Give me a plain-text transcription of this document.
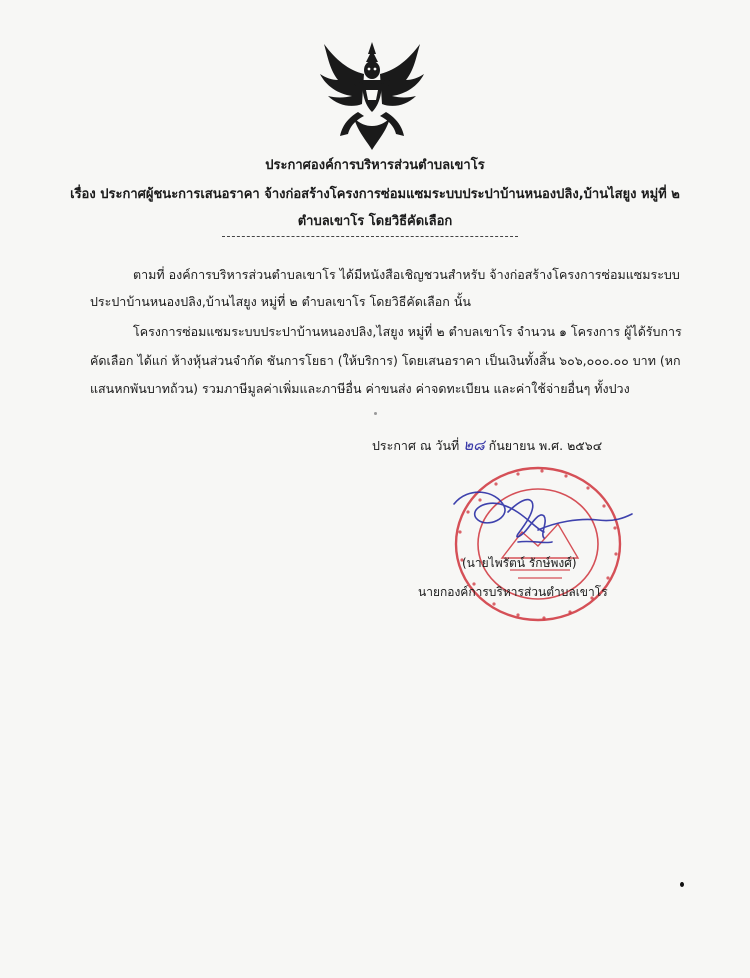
ประกาศองค์การบริหารส่วนตำบลเขาโร
เรื่อง ประกาศผู้ชนะการเสนอราคา จ้างก่อสร้างโครงการซ่อมแซมระบบประปาบ้านหนองปลิง,บ้านไสยูง หมู่ที่ ๒
ตำบลเขาโร โดยวิธีคัดเลือก
ตามที่ องค์การบริหารส่วนตำบลเขาโร ได้มีหนังสือเชิญชวนสำหรับ จ้างก่อสร้างโครงการซ่อมแซมระบบ
ประปาบ้านหนองปลิง,บ้านไสยูง หมู่ที่ ๒ ตำบลเขาโร โดยวิธีคัดเลือก นั้น
โครงการซ่อมแซมระบบประปาบ้านหนองปลิง,ไสยูง หมู่ที่ ๒ ตำบลเขาโร จำนวน ๑ โครงการ ผู้ได้รับการ
คัดเลือก ได้แก่ ห้างหุ้นส่วนจำกัด ชันการโยธา (ให้บริการ) โดยเสนอราคา เป็นเงินทั้งสิ้น ๖๐๖,๐๐๐.๐๐ บาท (หก
แสนหกพันบาทถ้วน) รวมภาษีมูลค่าเพิ่มและภาษีอื่น ค่าขนส่ง ค่าจดทะเบียน และค่าใช้จ่ายอื่นๆ ทั้งปวง
ประกาศ ณ วันที่ ๒๘ กันยายน พ.ศ. ๒๕๖๔
(นายไพรัตน์ รักษ์พงศ์)
นายกองค์การบริหารส่วนตำบลเขาโร
